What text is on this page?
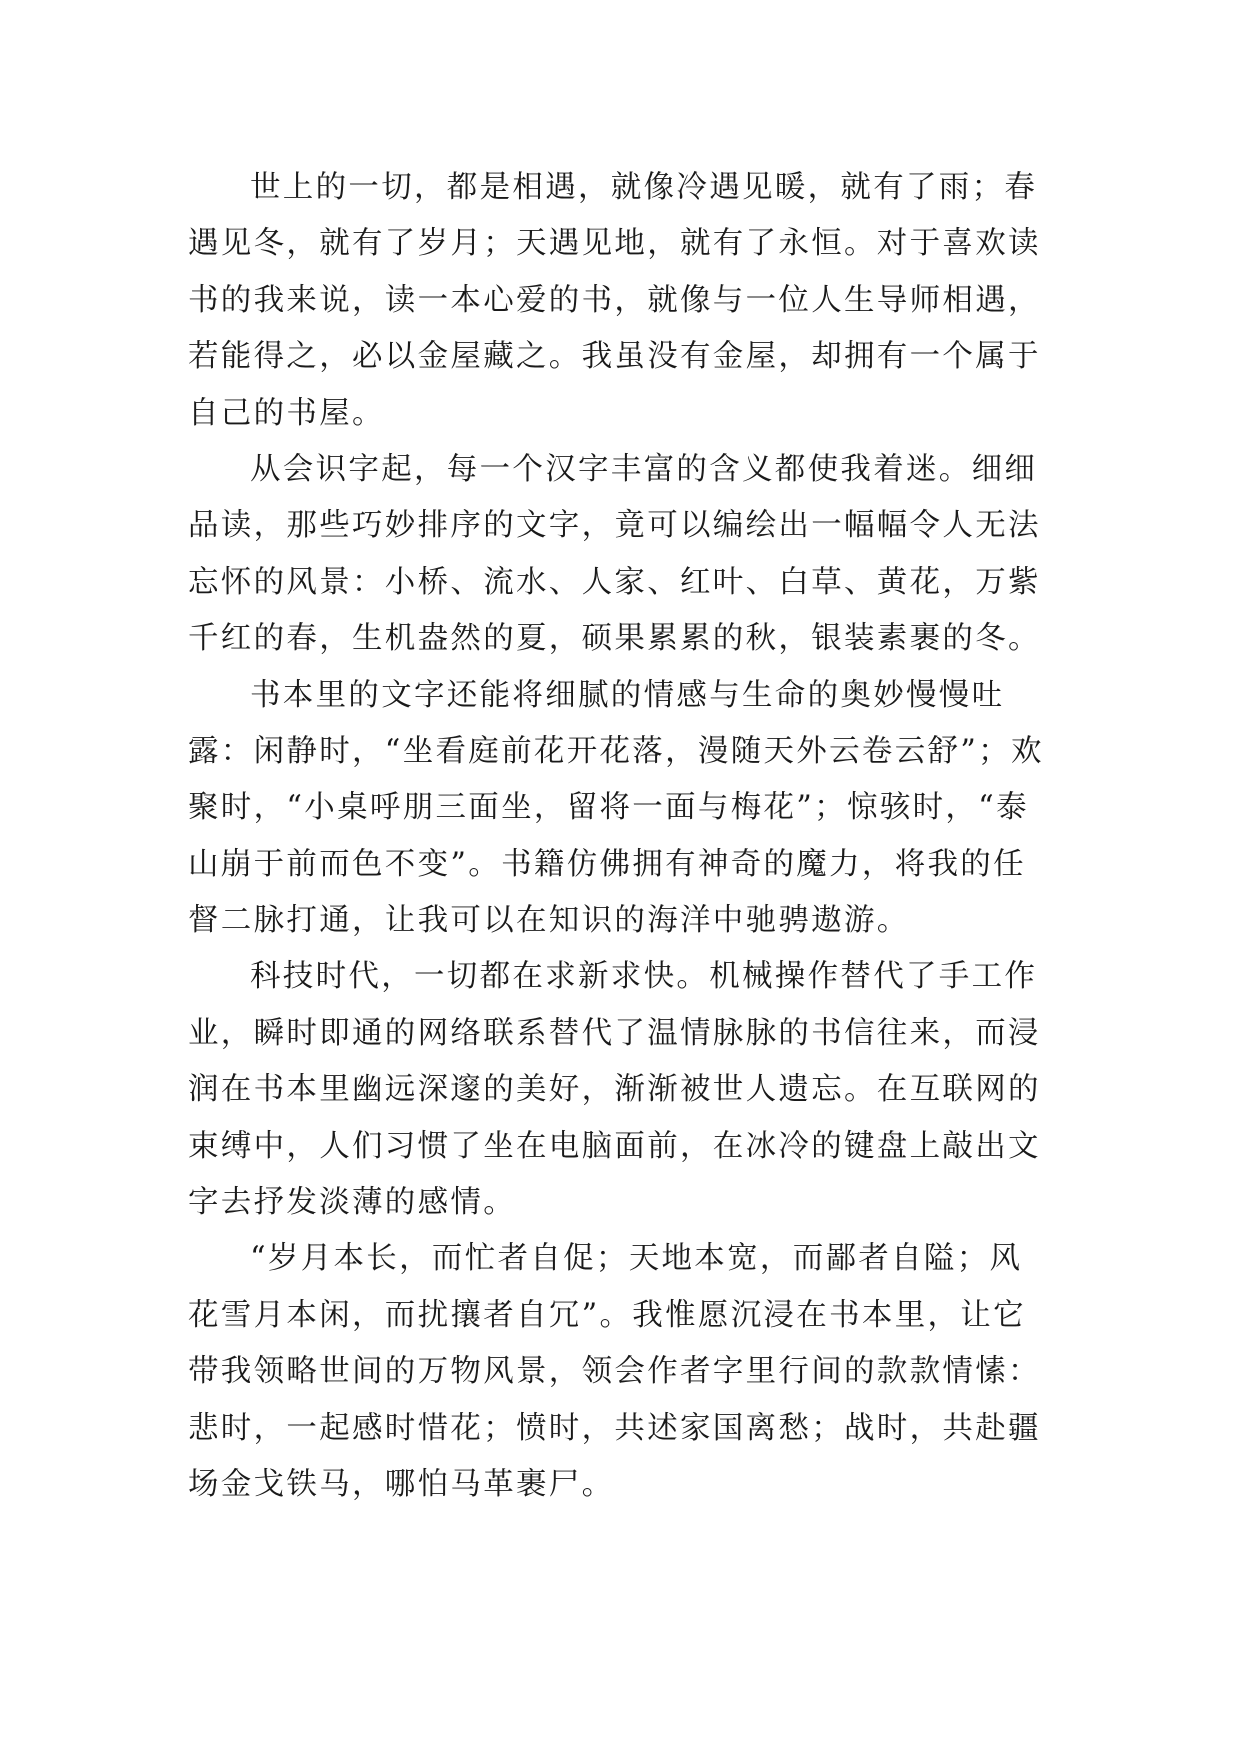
世上的一切，都是相遇，就像冷遇见暖，就有了雨；春
遇见冬，就有了岁月；天遇见地，就有了永恒。对于喜欢读
书的我来说，读一本心爱的书，就像与一位人生导师相遇，
若能得之，必以金屋藏之。我虽没有金屋，却拥有一个属于
自己的书屋。

从会识字起，每一个汉字丰富的含义都使我着迷。细细
品读，那些巧妙排序的文字，竟可以编绘出一幅幅令人无法
忘怀的风景：小桥、流水、人家、红叶、白草、黄花，万紫
千红的春，生机盎然的夏，硕果累累的秋，银装素裹的冬。

书本里的文字还能将细腻的情感与生命的奥妙慢慢吐
露：闲静时，“坐看庭前花开花落，漫随天外云卷云舒”；欢
聚时，“小桌呼朋三面坐，留将一面与梅花”；惊骇时，“泰
山崩于前而色不变”。书籍仿佛拥有神奇的魔力，将我的任
督二脉打通，让我可以在知识的海洋中驰骋遨游。

科技时代，一切都在求新求快。机械操作替代了手工作
业，瞬时即通的网络联系替代了温情脉脉的书信往来，而浸
润在书本里幽远深邃的美好，渐渐被世人遗忘。在互联网的
束缚中，人们习惯了坐在电脑面前，在冰冷的键盘上敲出文
字去抒发淡薄的感情。

“岁月本长，而忙者自促；天地本宽，而鄙者自隘；风
花雪月本闲，而扰攘者自冗”。我惟愿沉浸在书本里，让它
带我领略世间的万物风景，领会作者字里行间的款款情愫：
悲时，一起感时惜花；愤时，共述家国离愁；战时，共赴疆
场金戈铁马，哪怕马革裹尸。
